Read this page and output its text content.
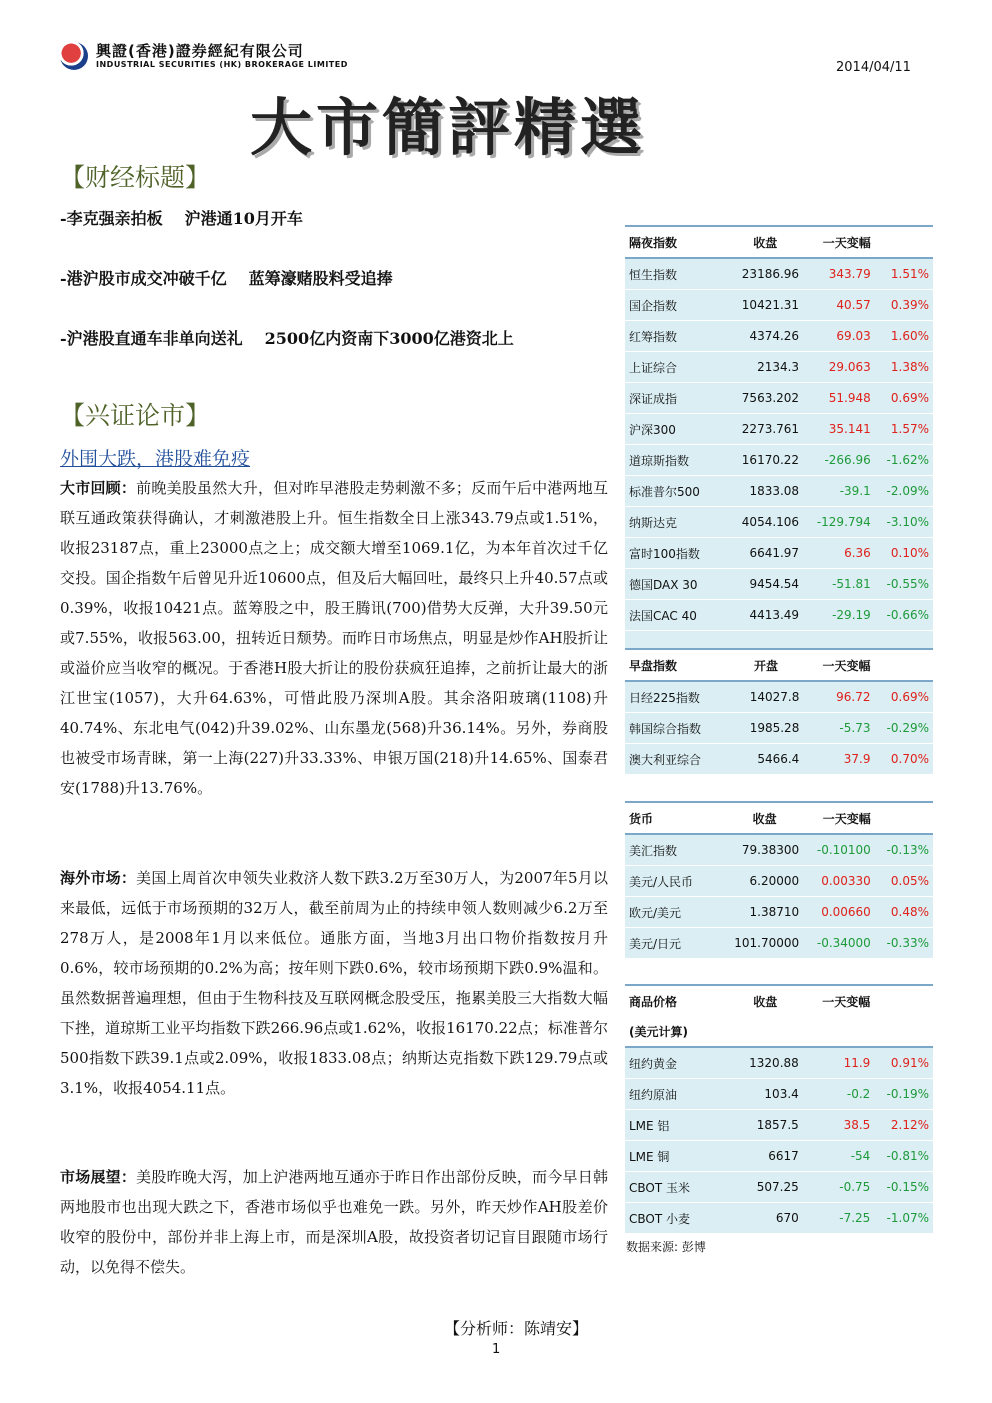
興證(香港)證券經紀有限公司
INDUSTRIAL SECURITIES (HK) BROKERAGE LIMITED	2014/04/11
大市簡評精選
【财经标题】
-李克强亲拍板 沪港通10月开车
-港沪股市成交冲破千亿 蓝筹濠赌股料受追捧
-沪港股直通车非单向送礼 2500亿内资南下3000亿港资北上
【兴证论市】
外围大跌，港股难免疫
大市回顾：前晚美股虽然大升，但对昨早港股走势刺激不多；反而午后中港两地互联互通政策获得确认，才刺激港股上升。恒生指数全日上涨343.79点或1.51%，收报23187点，重上23000点之上；成交额大增至1069.1亿，为本年首次过千亿交投。国企指数午后曾见升近10600点，但及后大幅回吐，最终只上升40.57点或0.39%，收报10421点。蓝筹股之中，股王腾讯(700)借势大反弹，大升39.50元或7.55%，收报563.00，扭转近日颓势。而昨日市场焦点，明显是炒作AH股折让或溢价应当收窄的概况。于香港H股大折让的股份获疯狂追捧，之前折让最大的浙江世宝(1057)，大升64.63%，可惜此股乃深圳A股。其余洛阳玻璃(1108)升40.74%、东北电气(042)升39.02%、山东墨龙(568)升36.14%。另外，券商股也被受市场青睐，第一上海(227)升33.33%、申银万国(218)升14.65%、国泰君安(1788)升13.76%。
海外市场：美国上周首次申领失业救济人数下跌3.2万至30万人，为2007年5月以来最低，远低于市场预期的32万人，截至前周为止的持续申领人数则减少6.2万至278万人，是2008年1月以来低位。通胀方面，当地3月出口物价指数按月升0.6%，较市场预期的0.2%为高；按年则下跌0.6%，较市场预期下跌0.9%温和。虽然数据普遍理想，但由于生物科技及互联网概念股受压，拖累美股三大指数大幅下挫，道琼斯工业平均指数下跌266.96点或1.62%，收报16170.22点；标准普尔500指数下跌39.1点或2.09%，收报1833.08点；纳斯达克指数下跌129.79点或3.1%，收报4054.11点。
市场展望：美股昨晚大泻，加上沪港两地互通亦于昨日作出部份反映，而今早日韩两地股市也出现大跌之下，香港市场似乎也难免一跌。另外，昨天炒作AH股差价收窄的股份中，部份并非上海上市，而是深圳A股，故投资者切记盲目跟随市场行动，以免得不偿失。
【分析师：陈靖安】
1
隔夜指数	收盘	一天变幅	
恒生指数	23186.96	343.79	1.51%
国企指数	10421.31	40.57	0.39%
红筹指数	4374.26	69.03	1.60%
上证综合	2134.3	29.063	1.38%
深证成指	7563.202	51.948	0.69%
沪深300	2273.761	35.141	1.57%
道琼斯指数	16170.22	-266.96	-1.62%
标准普尔500	1833.08	-39.1	-2.09%
纳斯达克	4054.106	-129.794	-3.10%
富时100指数	6641.97	6.36	0.10%
德国DAX 30	9454.54	-51.81	-0.55%
法国CAC 40	4413.49	-29.19	-0.66%

早盘指数	开盘	一天变幅	
日经225指数	14027.8	96.72	0.69%
韩国综合指数	1985.28	-5.73	-0.29%
澳大利亚综合	5466.4	37.9	0.70%
货币	收盘	一天变幅	
美汇指数	79.38300	-0.10100	-0.13%
美元/人民币	6.20000	0.00330	0.05%
欧元/美元	1.38710	0.00660	0.48%
美元/日元	101.70000	-0.34000	-0.33%
商品价格	收盘	一天变幅	
(美元计算)			
纽约黄金	1320.88	11.9	0.91%
纽约原油	103.4	-0.2	-0.19%
LME 铝	1857.5	38.5	2.12%
LME 铜	6617	-54	-0.81%
CBOT 玉米	507.25	-0.75	-0.15%
CBOT 小麦	670	-7.25	-1.07%
数据来源: 彭博
